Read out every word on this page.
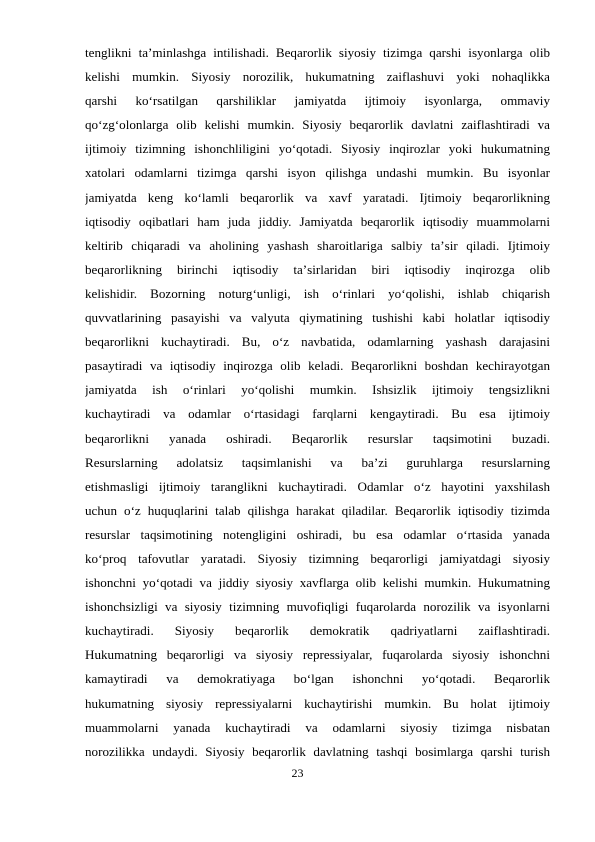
tenglikni taʼminlashga intilishadi. Beqarorlik siyosiy tizimga qarshi isyonlarga olib
kelishi mumkin. Siyosiy norozilik, hukumatning zaiflashuvi yoki nohaqlikka
qarshi koʻrsatilgan qarshiliklar jamiyatda ijtimoiy isyonlarga, ommaviy
qoʻzgʻolonlarga olib kelishi mumkin. Siyosiy beqarorlik davlatni zaiflashtiradi va
ijtimoiy tizimning ishonchliligini yoʻqotadi. Siyosiy inqirozlar yoki hukumatning
xatolari odamlarni tizimga qarshi isyon qilishga undashi mumkin. Bu isyonlar
jamiyatda keng koʻlamli beqarorlik va xavf yaratadi. Ijtimoiy beqarorlikning
iqtisodiy oqibatlari ham juda jiddiy. Jamiyatda beqarorlik iqtisodiy muammolarni
keltirib chiqaradi va aholining yashash sharoitlariga salbiy taʼsir qiladi. Ijtimoiy
beqarorlikning birinchi iqtisodiy taʼsirlaridan biri iqtisodiy inqirozga olib
kelishidir. Bozorning noturgʻunligi, ish oʻrinlari yoʻqolishi, ishlab chiqarish
quvvatlarining pasayishi va valyuta qiymatining tushishi kabi holatlar iqtisodiy
beqarorlikni kuchaytiradi. Bu, oʻz navbatida, odamlarning yashash darajasini
pasaytiradi va iqtisodiy inqirozga olib keladi. Beqarorlikni boshdan kechirayotgan
jamiyatda ish oʻrinlari yoʻqolishi mumkin. Ishsizlik ijtimoiy tengsizlikni
kuchaytiradi va odamlar oʻrtasidagi farqlarni kengaytiradi. Bu esa ijtimoiy
beqarorlikni yanada oshiradi. Beqarorlik resurslar taqsimotini buzadi.
Resurslarning adolatsiz taqsimlanishi va baʼzi guruhlarga resurslarning
etishmasligi ijtimoiy taranglikni kuchaytiradi. Odamlar oʻz hayotini yaxshilash
uchun oʻz huquqlarini talab qilishga harakat qiladilar. Beqarorlik iqtisodiy tizimda
resurslar taqsimotining notengligini oshiradi, bu esa odamlar oʻrtasida yanada
koʻproq tafovutlar yaratadi. Siyosiy tizimning beqarorligi jamiyatdagi siyosiy
ishonchni yoʻqotadi va jiddiy siyosiy xavflarga olib kelishi mumkin. Hukumatning
ishonchsizligi va siyosiy tizimning muvofiqligi fuqarolarda norozilik va isyonlarni
kuchaytiradi. Siyosiy beqarorlik demokratik qadriyatlarni zaiflashtiradi.
Hukumatning beqarorligi va siyosiy repressiyalar, fuqarolarda siyosiy ishonchni
kamaytiradi va demokratiyaga boʻlgan ishonchni yoʻqotadi. Beqarorlik
hukumatning siyosiy repressiyalarni kuchaytirishi mumkin. Bu holat ijtimoiy
muammolarni yanada kuchaytiradi va odamlarni siyosiy tizimga nisbatan
norozilikka undaydi. Siyosiy beqarorlik davlatning tashqi bosimlarga qarshi turish
23
